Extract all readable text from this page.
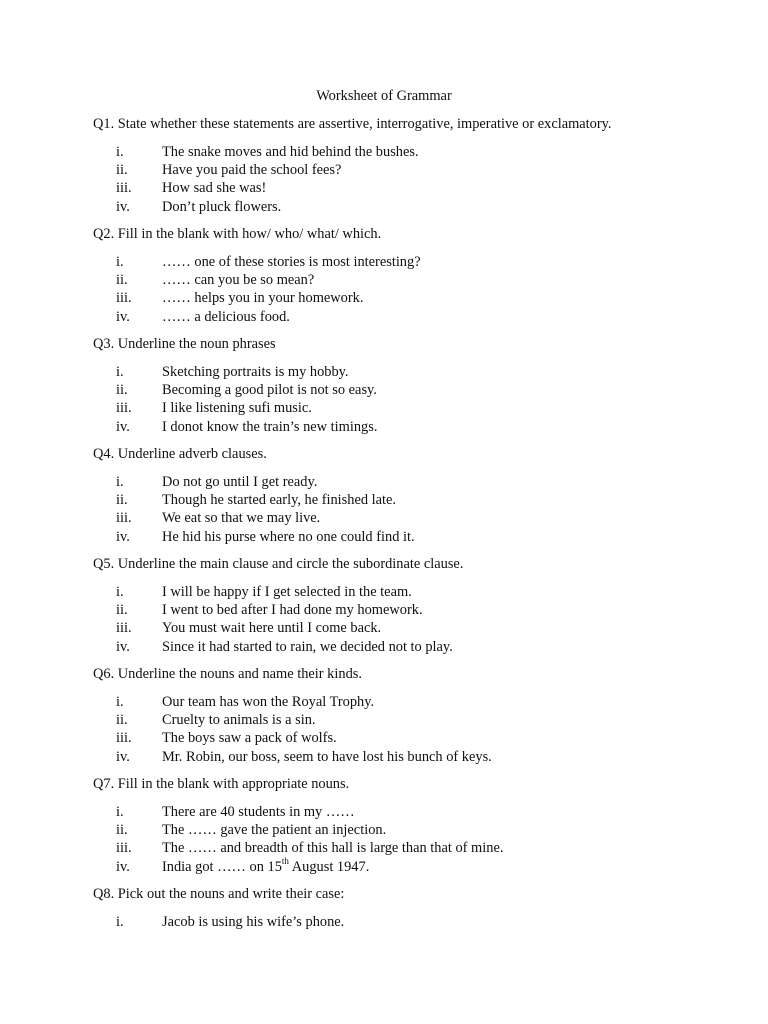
Worksheet of Grammar
Q1. State whether these statements are assertive, interrogative, imperative or exclamatory.
i.	The snake moves and hid behind the bushes.
ii. Have you paid the school fees?
iii. How sad she was!
iv. Don’t pluck flowers.
Q2. Fill in the blank with how/ who/ what/ which.
i.	…… one of these stories is most interesting?
ii. …… can you be so mean?
iii. …… helps you in your homework.
iv. …… a delicious food.
Q3. Underline the noun phrases
i.	Sketching portraits is my hobby.
ii. Becoming a good pilot is not so easy.
iii. I like listening sufi music.
iv. I donot know the train’s new timings.
Q4. Underline adverb clauses.
i.	Do not go until I get ready.
ii. Though he started early, he finished late.
iii. We eat so that we may live.
iv. He hid his purse where no one could find it.
Q5. Underline the main clause and circle the subordinate clause.
i.	I will be happy if I get selected in the team.
ii. I went to bed after I had done my homework.
iii. You must wait here until I come back.
iv. Since it had started to rain, we decided not to play.
Q6. Underline the nouns and name their kinds.
i.	Our team has won the Royal Trophy.
ii. Cruelty to animals is a sin.
iii. The boys saw a pack of wolfs.
iv. Mr. Robin, our boss, seem to have lost his bunch of keys.
Q7. Fill in the blank with appropriate nouns.
i.	There are 40 students in my ……
ii. The …… gave the patient an injection.
iii. The …… and breadth of this hall is large than that of mine.
iv. India got …… on 15th August 1947.
Q8. Pick out the nouns and write their case:
i.	Jacob is using his wife’s phone.
